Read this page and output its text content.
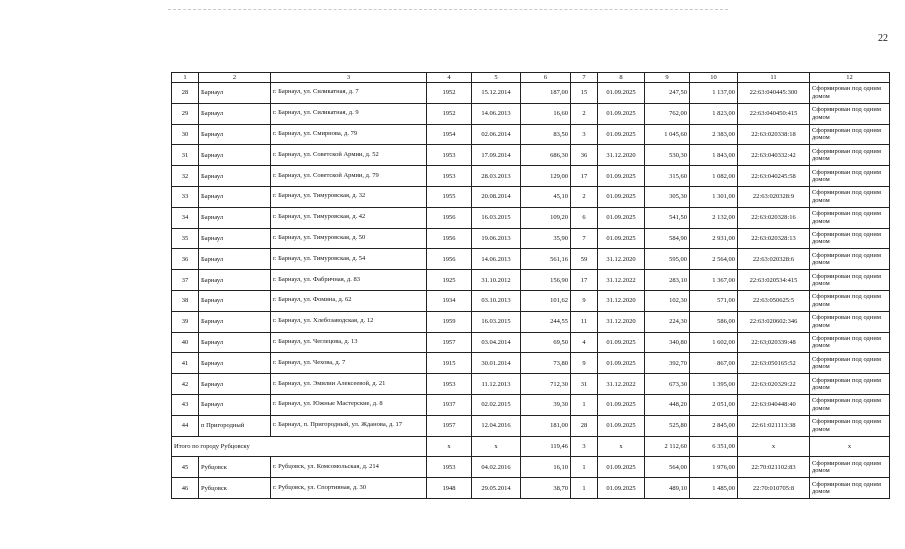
22
1	2	3	4	5	6	7	8	9	10	11	12
28	Барнаул	г. Барнаул, ул. Силикатная, д. 7	1952	15.12.2014	187,00	15	01.09.2025	247,50	1 137,00	22:63:040445:300	Сформирован под одним домом
29	Барнаул	г. Барнаул, ул. Силикатная, д. 9	1952	14.06.2013	16,60	2	01.09.2025	762,00	1 823,00	22:63:040450:415	Сформирован под одним домом
30	Барнаул	г. Барнаул, ул. Смирнова, д. 79	1954	02.06.2014	83,50	3	01.09.2025	1 045,60	2 383,00	22:63:020338:18	Сформирован под одним домом
31	Барнаул	г. Барнаул, ул. Советской Армии, д. 52	1953	17.09.2014	686,30	36	31.12.2020	530,30	1 843,00	22:63:040332:42	Сформирован под одним домом
32	Барнаул	г. Барнаул, ул. Советской Армии, д. 79	1953	28.03.2013	129,00	17	01.09.2025	315,60	1 082,00	22:63:040245:58	Сформирован под одним домом
33	Барнаул	г. Барнаул, ул. Тимуровская, д. 32	1955	20.08.2014	45,10	2	01.09.2025	305,30	1 301,00	22:63:020328:9	Сформирован под одним домом
34	Барнаул	г. Барнаул, ул. Тимуровская, д. 42	1956	16.03.2015	109,20	6	01.09.2025	541,50	2 132,00	22:63:020328:16	Сформирован под одним домом
35	Барнаул	г. Барнаул, ул. Тимуровская, д. 50	1956	19.06.2013	35,90	7	01.09.2025	584,90	2 931,00	22:63:020328:13	Сформирован под одним домом
36	Барнаул	г. Барнаул, ул. Тимуровская, д. 54	1956	14.06.2013	561,16	59	31.12.2020	595,00	2 564,00	22:63:020328:6	Сформирован под одним домом
37	Барнаул	г. Барнаул, ул. Фабричная, д. 83	1925	31.10.2012	156,90	17	31.12.2022	283,10	1 367,00	22:63:020534:415	Сформирован под одним домом
38	Барнаул	г. Барнаул, ул. Фомина, д. 62	1934	03.10.2013	101,62	9	31.12.2020	102,30	571,00	22:63:050625:5	Сформирован под одним домом
39	Барнаул	г. Барнаул, ул. Хлебозаводская, д. 12	1959	16.03.2015	244,55	11	31.12.2020	224,30	586,00	22:63:020602:346	Сформирован под одним домом
40	Барнаул	г. Барнаул, ул. Чеглецова, д. 13	1957	03.04.2014	69,50	4	01.09.2025	340,80	1 602,00	22:63;020339:48	Сформирован под одним домом
41	Барнаул	г. Барнаул, ул. Чехова, д. 7	1915	30.01.2014	73,80	9	01.09.2025	392,70	867,00	22:63:050165:52	Сформирован под одним домом
42	Барнаул	г. Барнаул, ул. Эмилии Алексеевой, д. 21	1953	11.12.2013	712,30	31	31.12.2022	673,30	1 395,00	22:63:020329:22	Сформирован под одним домом
43	Барнаул	г. Барнаул, ул. Южные Мастерские, д. 8	1937	02.02.2015	39,30	1	01.09.2025	448,20	2 051,00	22:63:040448:40	Сформирован под одним домом
44	п Пригородный	г. Барнаул, п. Пригородный, ул. Жданова, д. 17	1957	12.04.2016	181,00	28	01.09.2025	525,80	2 845,00	22:61:021113:38	Сформирован под одним домом
Итого по городу Рубцовску			x	x	119,46	3	x	2 112,60	6 351,00	x	x
45	Рубцовск	г. Рубцовск, ул. Комсомольская, д. 214	1953	04.02.2016	16,10	1	01.09.2025	564,00	1 976,00	22:70:021102:83	Сформирован под одним домом
46	Рубцовск	г. Рубцовск, ул. Спортивная, д. 30	1948	29.05.2014	38,70	1	01.09.2025	489,10	1 485,00	22:70:010705:8	Сформирован под одним домом
